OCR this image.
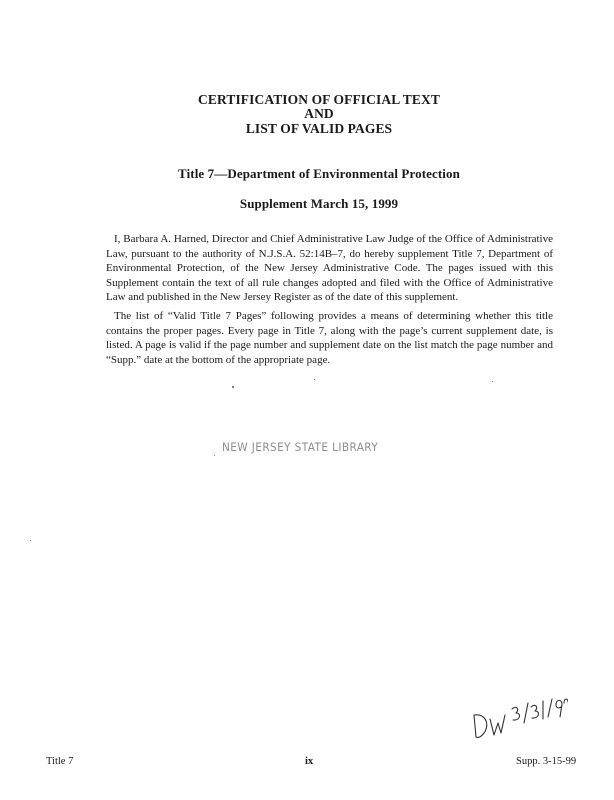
CERTIFICATION OF OFFICIAL TEXT
AND
LIST OF VALID PAGES
Title 7—Department of Environmental Protection
Supplement March 15, 1999
I, Barbara A. Harned, Director and Chief Administrative Law Judge of the Office of Administrative Law, pursuant to the authority of N.J.S.A. 52:14B–7, do hereby supplement Title 7, Department of Environmental Protection, of the New Jersey Administrative Code. The pages issued with this Supplement contain the text of all rule changes adopted and filed with the Office of Administrative Law and published in the New Jersey Register as of the date of this supplement.
The list of “Valid Title 7 Pages” following provides a means of determining whether this title contains the proper pages. Every page in Title 7, along with the page’s current supplement date, is listed. A page is valid if the page number and supplement date on the list match the page number and “Supp.” date at the bottom of the appropriate page.
NEW JERSEY STATE LIBRARY
Title 7	ix	Supp. 3-15-99
